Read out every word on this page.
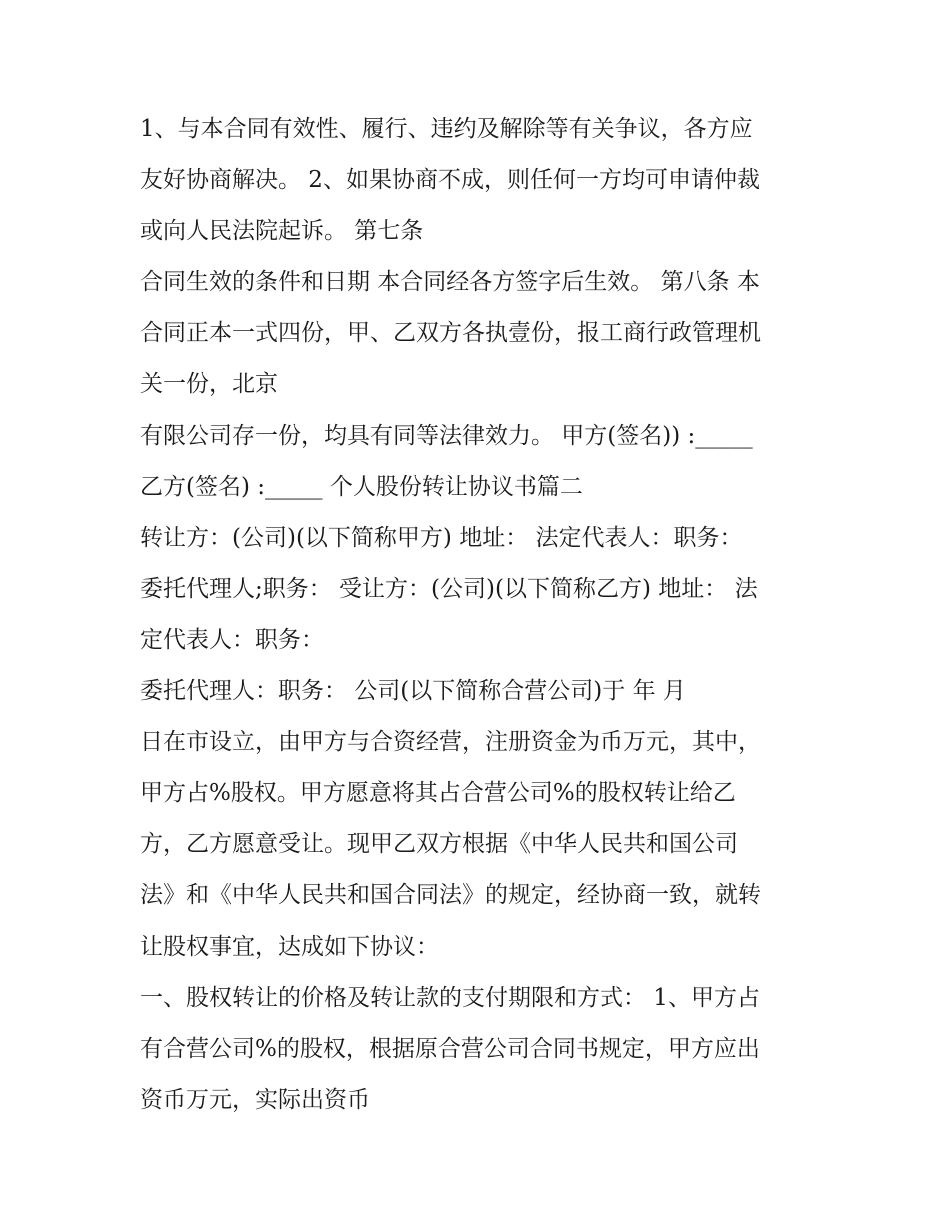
1、与本合同有效性、履行、违约及解除等有关争议，各方应
友好协商解决。 2、如果协商不成，则任何一方均可申请仲裁
或向人民法院起诉。 第七条
合同生效的条件和日期 本合同经各方签字后生效。 第八条 本
合同正本一式四份，甲、乙双方各执壹份，报工商行政管理机
关一份，北京
有限公司存一份，均具有同等法律效力。 甲方(签名)) :_____
乙方(签名) :_____ 个人股份转让协议书篇二
转让方：(公司)(以下简称甲方) 地址： 法定代表人：职务：
委托代理人;职务： 受让方：(公司)(以下简称乙方) 地址： 法
定代表人：职务：
委托代理人：职务： 公司(以下简称合营公司)于 年 月
日在市设立，由甲方与合资经营，注册资金为币万元，其中，
甲方占%股权。甲方愿意将其占合营公司%的股权转让给乙
方，乙方愿意受让。现甲乙双方根据《中华人民共和国公司
法》和《中华人民共和国合同法》的规定，经协商一致，就转
让股权事宜，达成如下协议：
一、股权转让的价格及转让款的支付期限和方式： 1、甲方占
有合营公司%的股权，根据原合营公司合同书规定，甲方应出
资币万元，实际出资币
